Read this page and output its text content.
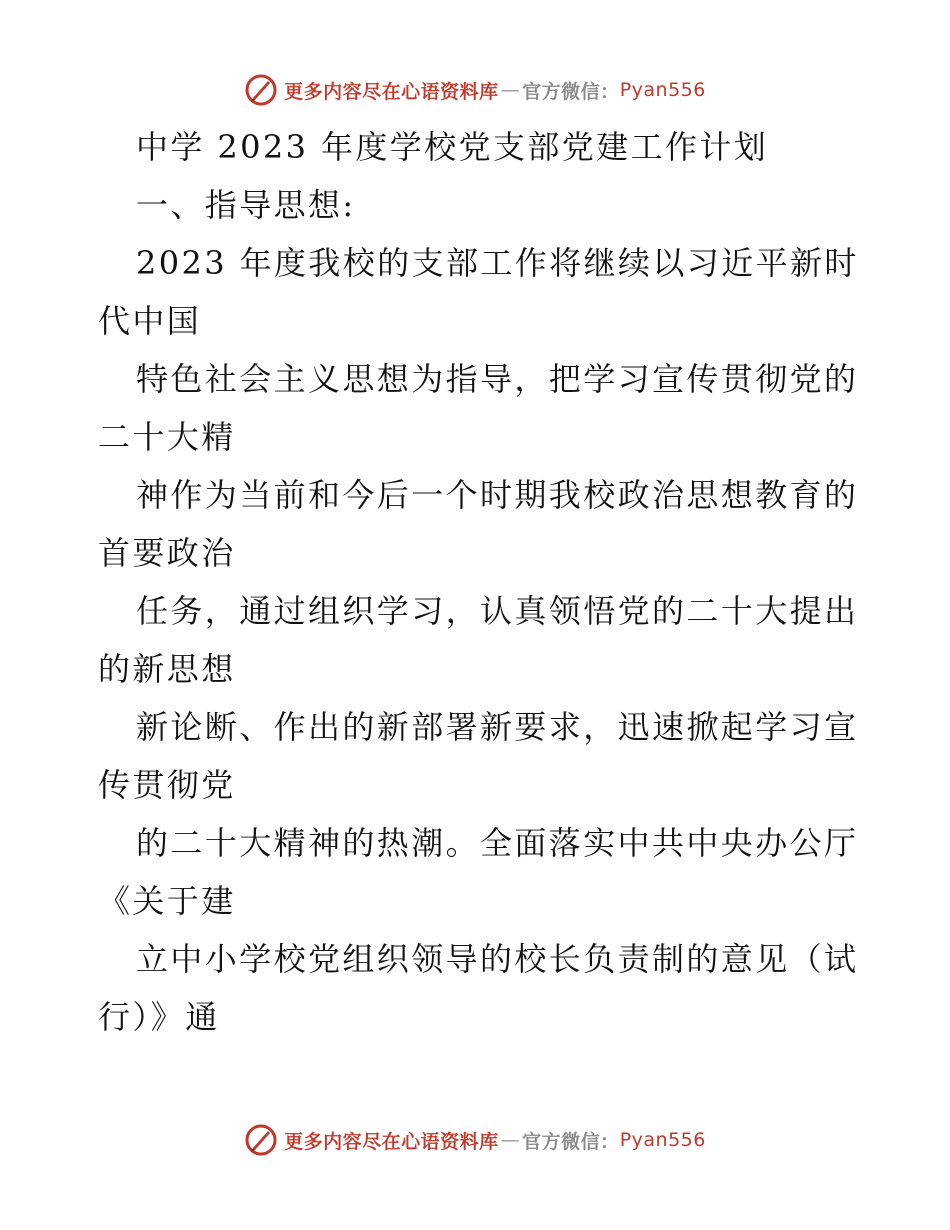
更多内容尽在心语资料库 — 官方微信： Pyan556
中学 2023 年度学校党支部党建工作计划
一、指导思想:
2023 年度我校的支部工作将继续以习近平新时
代中国
特色社会主义思想为指导，把学习宣传贯彻党的
二十大精
神作为当前和今后一个时期我校政治思想教育的
首要政治
任务，通过组织学习，认真领悟党的二十大提出
的新思想
新论断、作出的新部署新要求，迅速掀起学习宣
传贯彻党
的二十大精神的热潮。全面落实中共中央办公厅
《关于建
立中小学校党组织领导的校长负责制的意见（试
行）》通
更多内容尽在心语资料库 — 官方微信： Pyan556
